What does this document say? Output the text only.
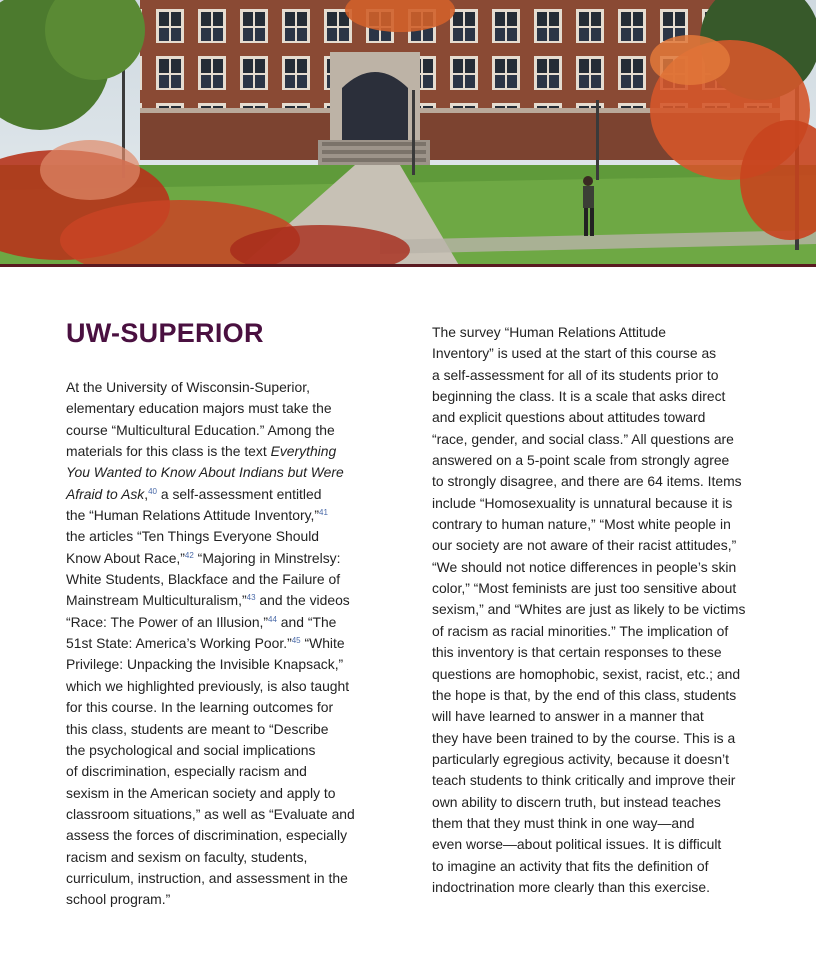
UW-SUPERIOR
At the University of Wisconsin-Superior,
elementary education majors must take the
course “Multicultural Education.” Among the
materials for this class is the text Everything
You Wanted to Know About Indians but Were
Afraid to Ask,$^{40}$ a self-assessment entitled
the “Human Relations Attitude Inventory,”$^{41}$
the articles “Ten Things Everyone Should
Know About Race,”$^{42}$ “Majoring in Minstrelsy:
White Students, Blackface and the Failure of
Mainstream Multiculturalism,”$^{43}$ and the videos
“Race: The Power of an Illusion,”$^{44}$ and “The
51st State: America’s Working Poor.”$^{45}$ “White
Privilege: Unpacking the Invisible Knapsack,”
which we highlighted previously, is also taught
for this course. In the learning outcomes for
this class, students are meant to “Describe
the psychological and social implications
of discrimination, especially racism and
sexism in the American society and apply to
classroom situations,” as well as “Evaluate and
assess the forces of discrimination, especially
racism and sexism on faculty, students,
curriculum, instruction, and assessment in the
school program.”
The survey “Human Relations Attitude
Inventory” is used at the start of this course as
a self-assessment for all of its students prior to
beginning the class. It is a scale that asks direct
and explicit questions about attitudes toward
“race, gender, and social class.” All questions are
answered on a 5-point scale from strongly agree
to strongly disagree, and there are 64 items. Items
include “Homosexuality is unnatural because it is
contrary to human nature,” “Most white people in
our society are not aware of their racist attitudes,”
“We should not notice differences in people’s skin
color,” “Most feminists are just too sensitive about
sexism,” and “Whites are just as likely to be victims
of racism as racial minorities.” The implication of
this inventory is that certain responses to these
questions are homophobic, sexist, racist, etc.; and
the hope is that, by the end of this class, students
will have learned to answer in a manner that
they have been trained to by the course. This is a
particularly egregious activity, because it doesn’t
teach students to think critically and improve their
own ability to discern truth, but instead teaches
them that they must think in one way—and
even worse—about political issues. It is difficult
to imagine an activity that fits the definition of
indoctrination more clearly than this exercise.
